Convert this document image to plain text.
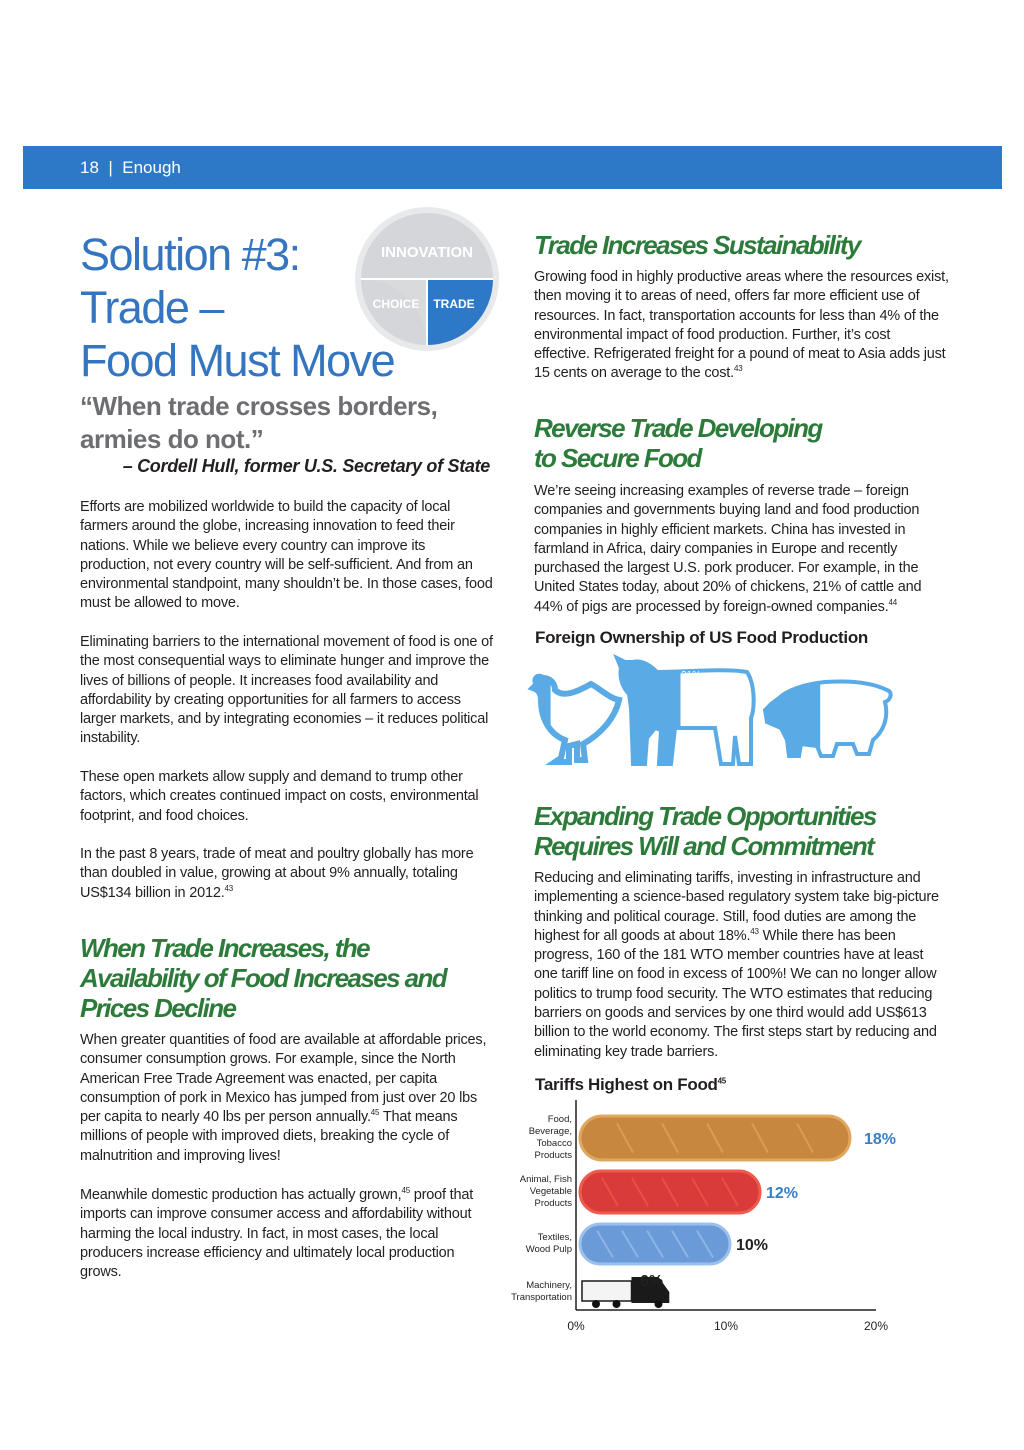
18 | Enough
Solution #3:
Trade –
Food Must Move
INNOVATION
CHOICE TRADE
“When trade crosses borders,
armies do not.”
– Cordell Hull, former U.S. Secretary of State

Efforts are mobilized worldwide to build the capacity of local farmers around the globe, increasing innovation to feed their nations. While we believe every country can improve its production, not every country will be self-sufficient. And from an environmental standpoint, many shouldn’t be. In those cases, food must be allowed to move.

Eliminating barriers to the international movement of food is one of the most consequential ways to eliminate hunger and improve the lives of billions of people. It increases food availability and affordability by creating opportunities for all farmers to access larger markets, and by integrating economies – it reduces political instability.

These open markets allow supply and demand to trump other factors, which creates continued impact on costs, environmental footprint, and food choices.

In the past 8 years, trade of meat and poultry globally has more than doubled in value, growing at about 9% annually, totaling US$134 billion in 2012.43

When Trade Increases, the

Availability of Food Increases and

Prices Decline

When greater quantities of food are available at affordable prices, consumer consumption grows. For example, since the North American Free Trade Agreement was enacted, per capita consumption of pork in Mexico has jumped from just over 20 lbs per capita to nearly 40 lbs per person annually.$^{45}$ That means millions of people with improved diets, breaking the cycle of malnutrition and improving lives!

Meanwhile domestic production has actually grown,$^{45}$ proof that imports can improve consumer access and affordability without harming the local industry. In fact, in most cases, the local producers increase efficiency and ultimately local production grows.

Trade Increases Sustainability

Growing food in highly productive areas where the resources exist, then moving it to areas of need, offers far more efficient use of resources. In fact, transportation accounts for less than 4% of the environmental impact of food production. Further, it’s cost effective. Refrigerated freight for a pound of meat to Asia adds just 15 cents on average to the cost.$^{43}$

Reverse Trade Developing

to Secure Food

We’re seeing increasing examples of reverse trade – foreign companies and governments buying land and food production companies in highly efficient markets. China has invested in farmland in Africa, dairy companies in Europe and recently purchased the largest U.S. pork producer. For example, in the United States today, about 20% of chickens, 21% of cattle and 44% of pigs are processed by foreign-owned companies.$^{44}$

Foreign Ownership of US Food Production
20%
21%
44%

Expanding Trade Opportunities

Requires Will and Commitment

Reducing and eliminating tariffs, investing in infrastructure and implementing a science-based regulatory system take big-picture thinking and political courage. Still, food duties are among the highest for all goods at about 18%.$^{43}$ While there has been progress, 160 of the 181 WTO member countries have at least one tariff line on food in excess of 100%! We can no longer allow politics to trump food security. The WTO estimates that reducing barriers on goods and services by one third would add US$613 billion to the world economy. The first steps start by reducing and eliminating key trade barriers.

Tariffs Highest on Food$^{45}$
Food,
Beverage,
Tobacco
Products
Animal, Fish
Vegetable
Products
Textiles,
Wood Pulp
Machinery,
Transportation
18%
12%
10%
6%
0%	10%	20%
